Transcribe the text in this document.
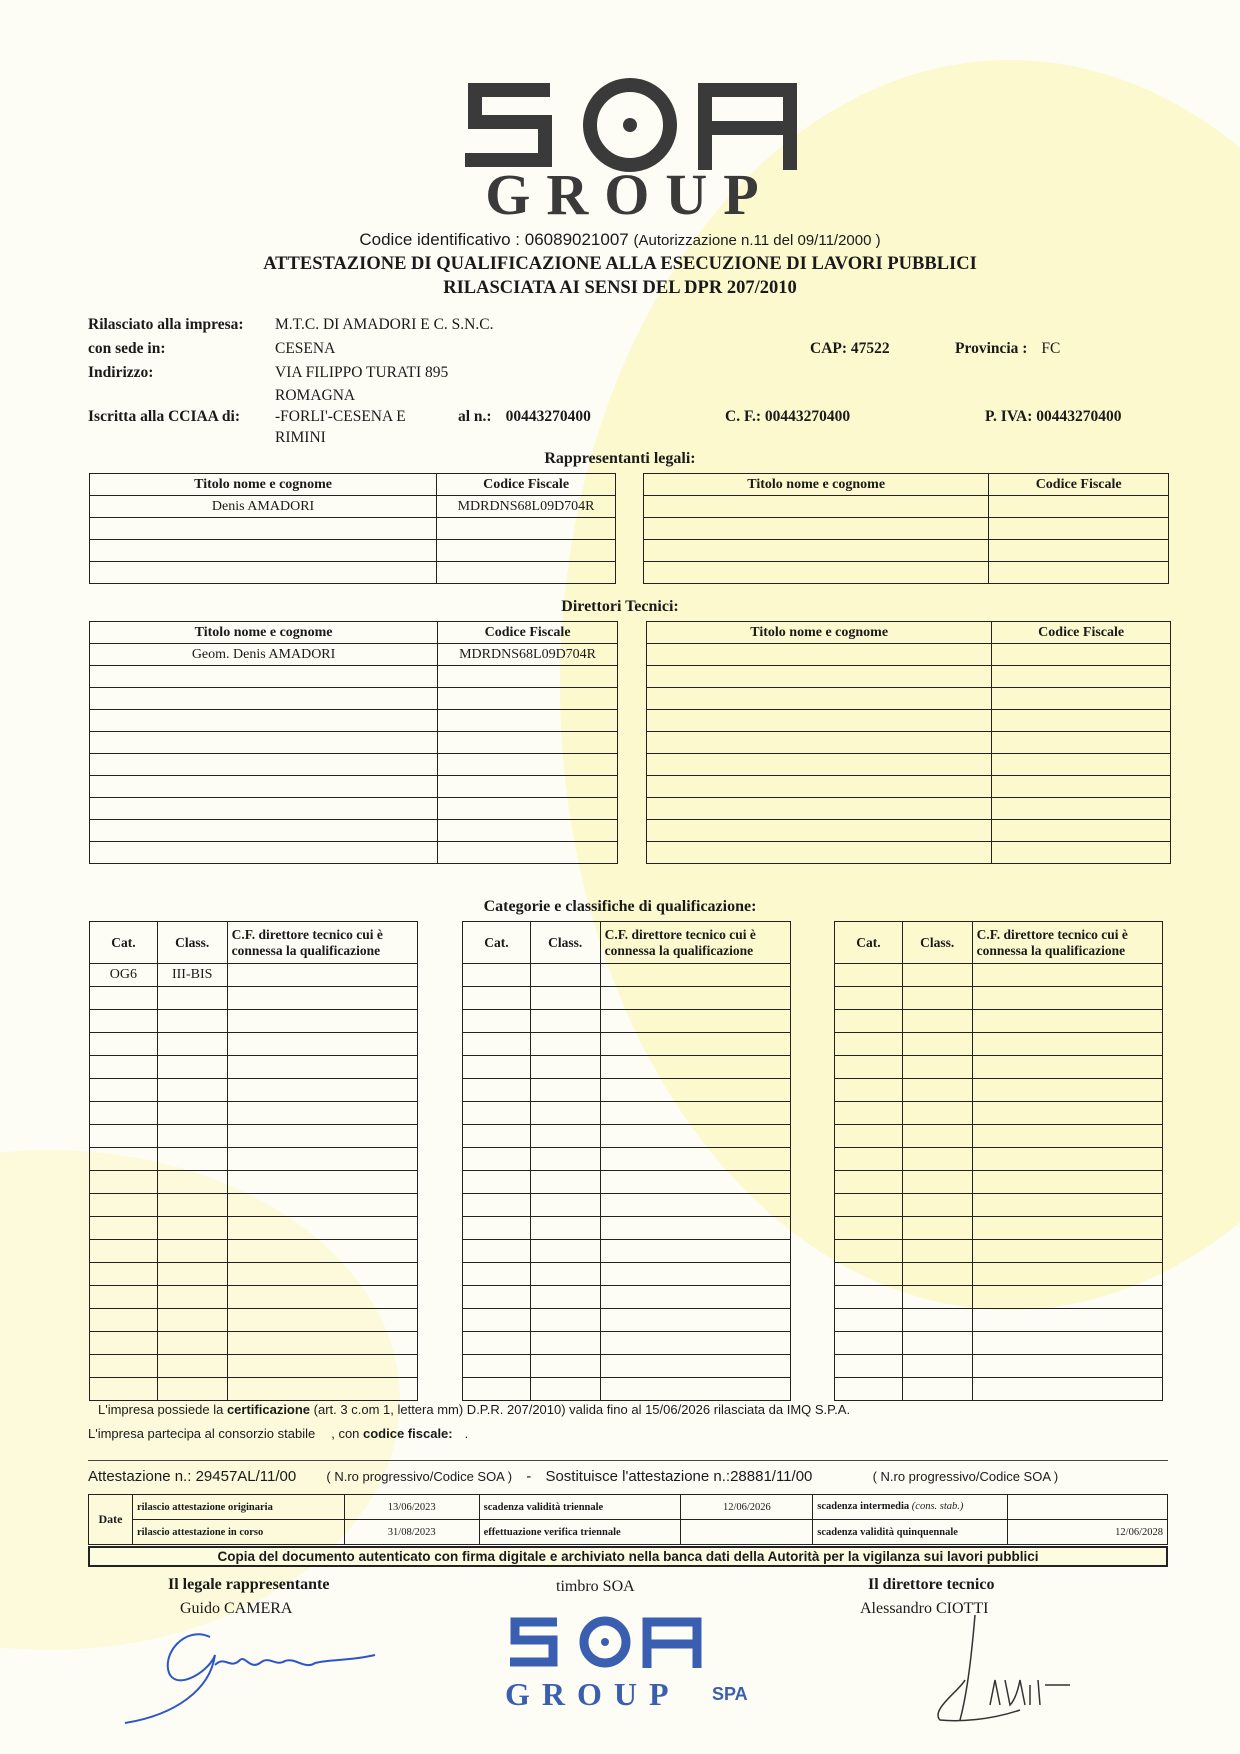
GROUP
Codice identificativo : 06089021007 (Autorizzazione n.11 del 09/11/2000 )
ATTESTAZIONE DI QUALIFICAZIONE ALLA ESECUZIONE DI LAVORI PUBBLICI
RILASCIATA AI SENSI DEL DPR 207/2010
Rilasciato alla impresa: M.T.C. DI AMADORI E C. S.N.C.
con sede in:	CESENA	CAP: 47522	Provincia : FC
Indirizzo:	VIA FILIPPO TURATI 895
ROMAGNA
Iscritta alla CCIAA di: -FORLI'-CESENA E
RIMINI
al n.: 00443270400	C. F.: 00443270400	P. IVA: 00443270400
Rappresentanti legali:
Titolo nome e cognome	Codice Fiscale
Denis AMADORI	MDRDNS68L09D704R

Titolo nome e cognome	Codice Fiscale

Direttori Tecnici:
Titolo nome e cognome	Codice Fiscale
Geom. Denis AMADORI	MDRDNS68L09D704R

Titolo nome e cognome	Codice Fiscale

Categorie e classifiche di qualificazione:
Cat.	Class.	C.F. direttore tecnico cui è connessa la qualificazione
OG6	III-BIS	

Cat.	Class.	C.F. direttore tecnico cui è connessa la qualificazione

Cat.	Class.	C.F. direttore tecnico cui è connessa la qualificazione

L'impresa possiede la certificazione (art. 3 c.om 1, lettera mm) D.P.R. 207/2010) valida fino al 15/06/2026 rilasciata da IMQ S.P.A.
L'impresa partecipa al consorzio stabile , con codice fiscale: .
Attestazione n.: 29457AL/11/00 ( N.ro progressivo/Codice SOA ) - Sostituisce l'attestazione n.:28881/11/00	( N.ro progressivo/Codice SOA )
Date	rilascio attestazione originaria	13/06/2023	scadenza validità triennale	12/06/2026	scadenza intermedia (cons. stab.)	
	rilascio attestazione in corso	31/08/2023	effettuazione verifica triennale		scadenza validità quinquennale	12/06/2028
Copia del documento autenticato con firma digitale e archiviato nella banca dati della Autorità per la vigilanza sui lavori pubblici
Il legale rappresentante
Guido CAMERA
timbro SOA
GROUP SPA
Il direttore tecnico
Alessandro CIOTTI
